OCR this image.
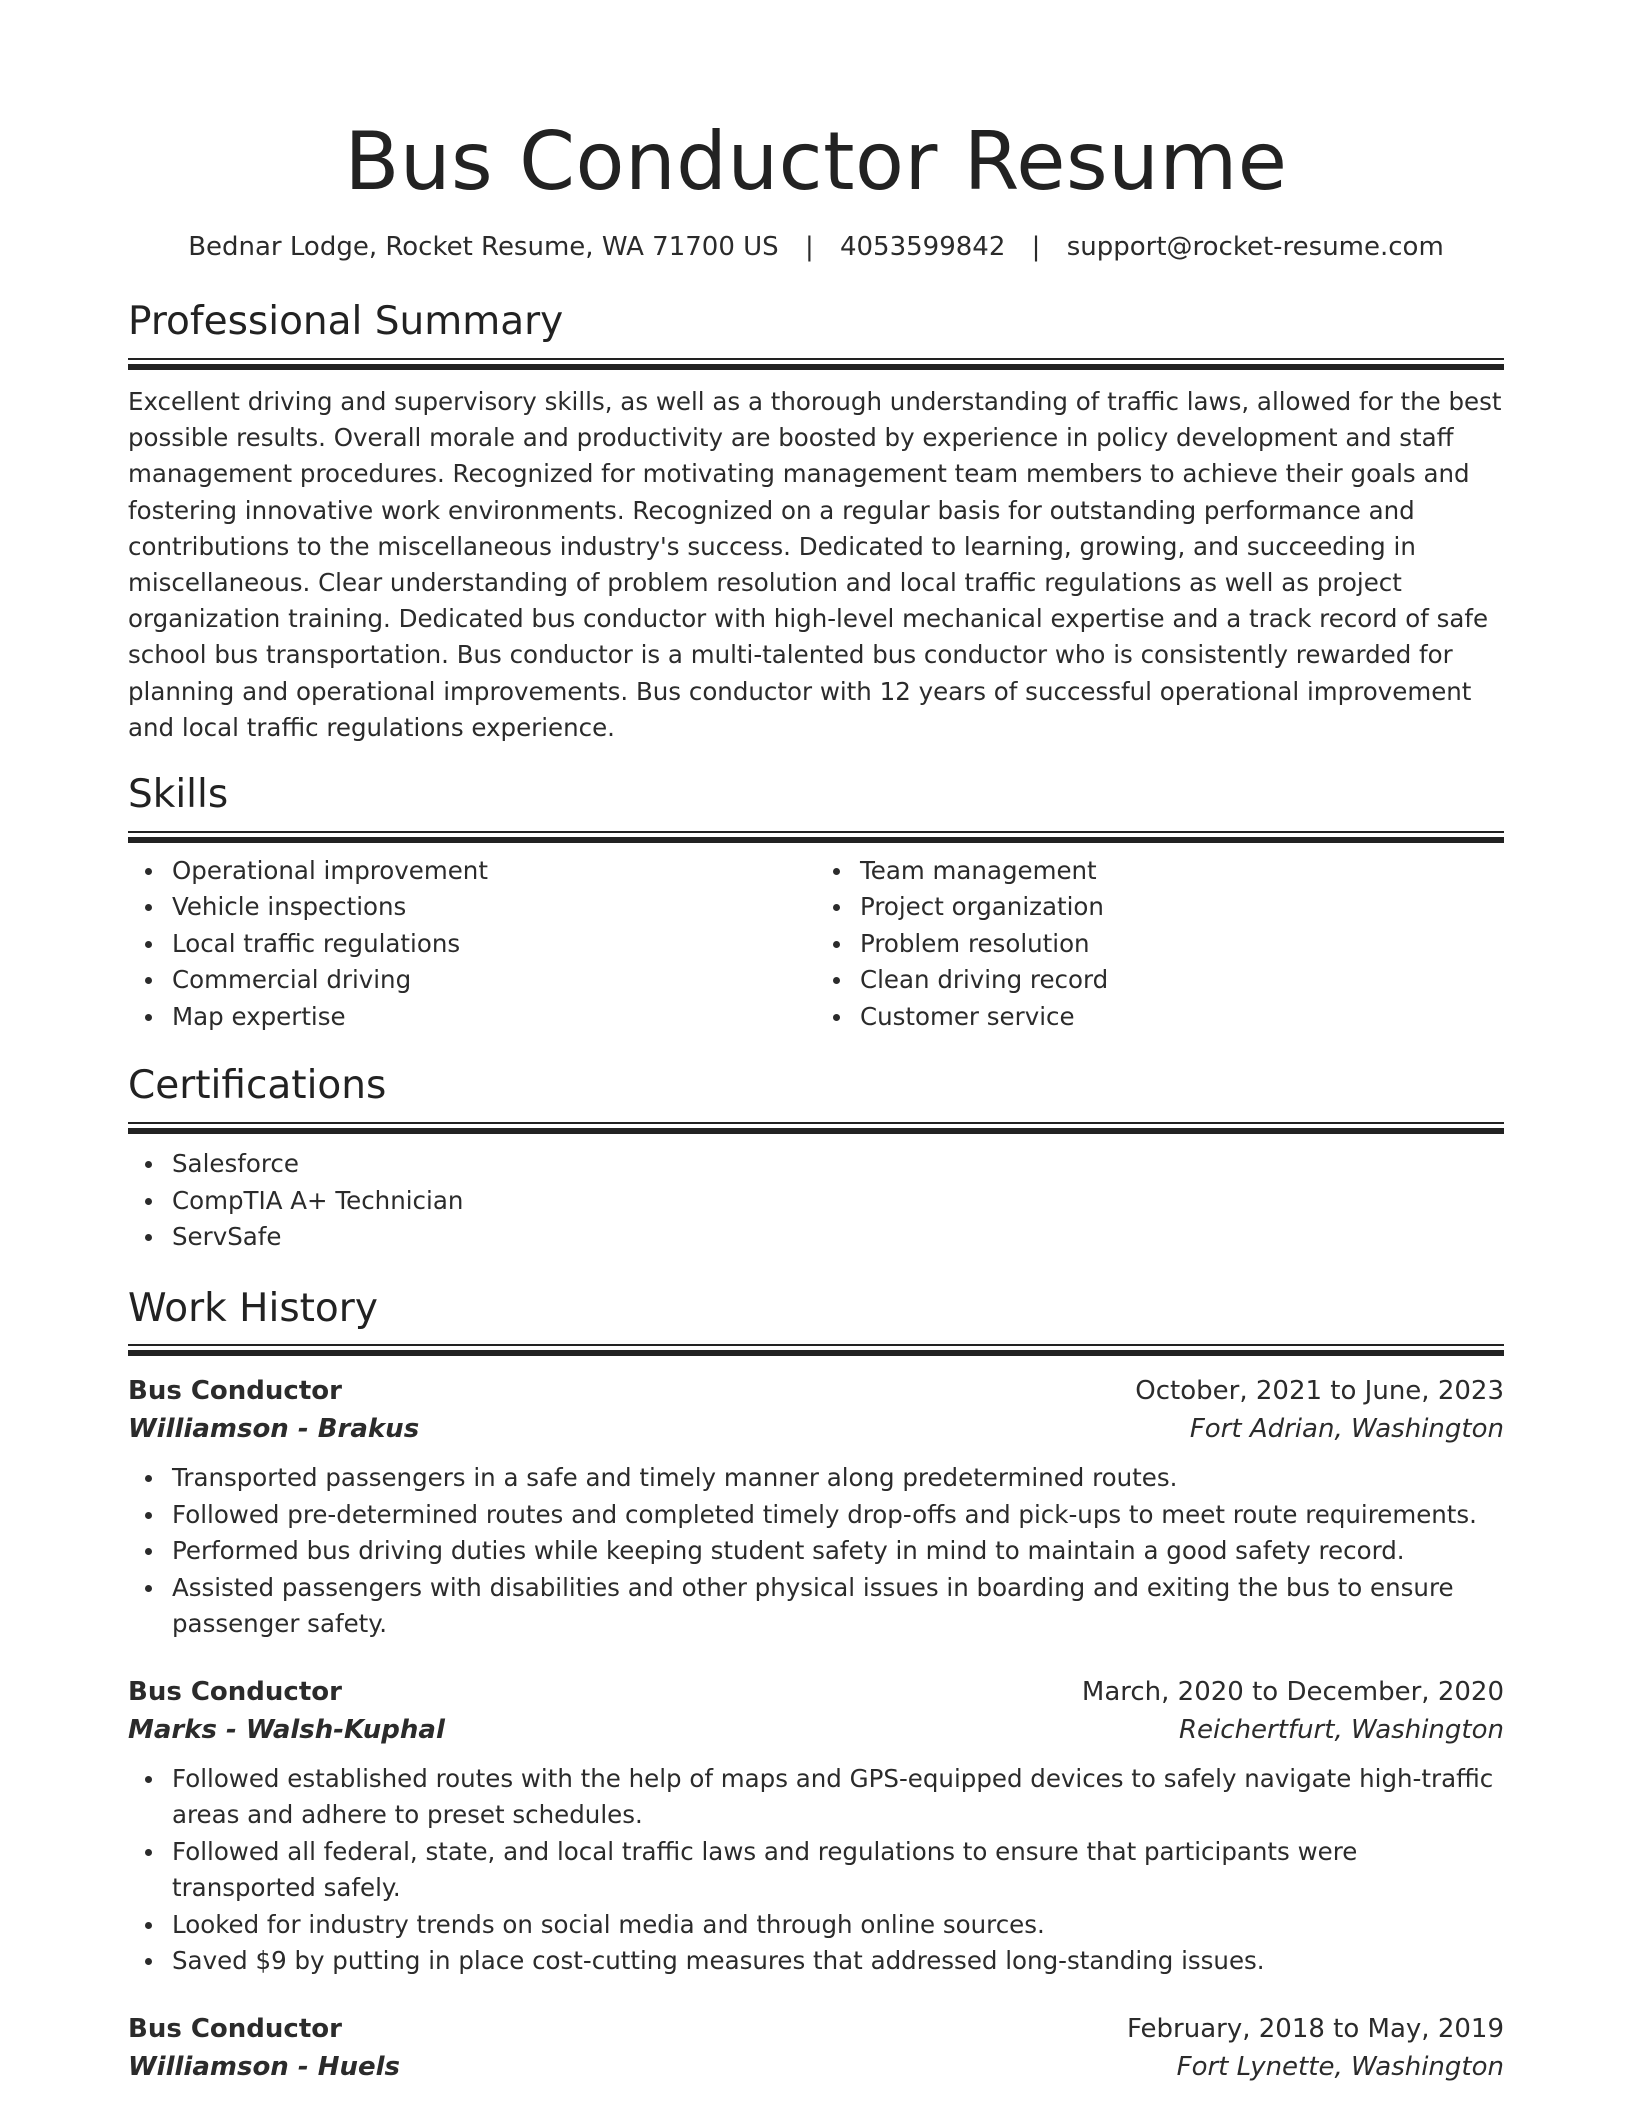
Bus Conductor Resume
Bednar Lodge, Rocket Resume, WA 71700 US | 4053599842 | support@rocket-resume.com
Professional Summary

Excellent driving and supervisory skills, as well as a thorough understanding of traffic laws, allowed for the best possible results. Overall morale and productivity are boosted by experience in policy development and staff management procedures. Recognized for motivating management team members to achieve their goals and fostering innovative work environments. Recognized on a regular basis for outstanding performance and contributions to the miscellaneous industry's success. Dedicated to learning, growing, and succeeding in miscellaneous. Clear understanding of problem resolution and local traffic regulations as well as project organization training. Dedicated bus conductor with high-level mechanical expertise and a track record of safe school bus transportation. Bus conductor is a multi-talented bus conductor who is consistently rewarded for planning and operational improvements. Bus conductor with 12 years of successful operational improvement and local traffic regulations experience.

Skills
Operational improvement
Vehicle inspections
Local traffic regulations
Commercial driving
Map expertise
Team management
Project organization
Problem resolution
Clean driving record
Customer service
Certifications
Salesforce
CompTIA A+ Technician
ServSafe
Work History
Bus Conductor	October, 2021 to June, 2023
Williamson - Brakus	Fort Adrian, Washington
Transported passengers in a safe and timely manner along predetermined routes.
Followed pre-determined routes and completed timely drop-offs and pick-ups to meet route requirements.
Performed bus driving duties while keeping student safety in mind to maintain a good safety record.
Assisted passengers with disabilities and other physical issues in boarding and exiting the bus to ensure passenger safety.
Bus Conductor	March, 2020 to December, 2020
Marks - Walsh-Kuphal	Reichertfurt, Washington
Followed established routes with the help of maps and GPS-equipped devices to safely navigate high-traffic areas and adhere to preset schedules.
Followed all federal, state, and local traffic laws and regulations to ensure that participants were transported safely.
Looked for industry trends on social media and through online sources.
Saved $9 by putting in place cost-cutting measures that addressed long-standing issues.
Bus Conductor	February, 2018 to May, 2019
Williamson - Huels	Fort Lynette, Washington
